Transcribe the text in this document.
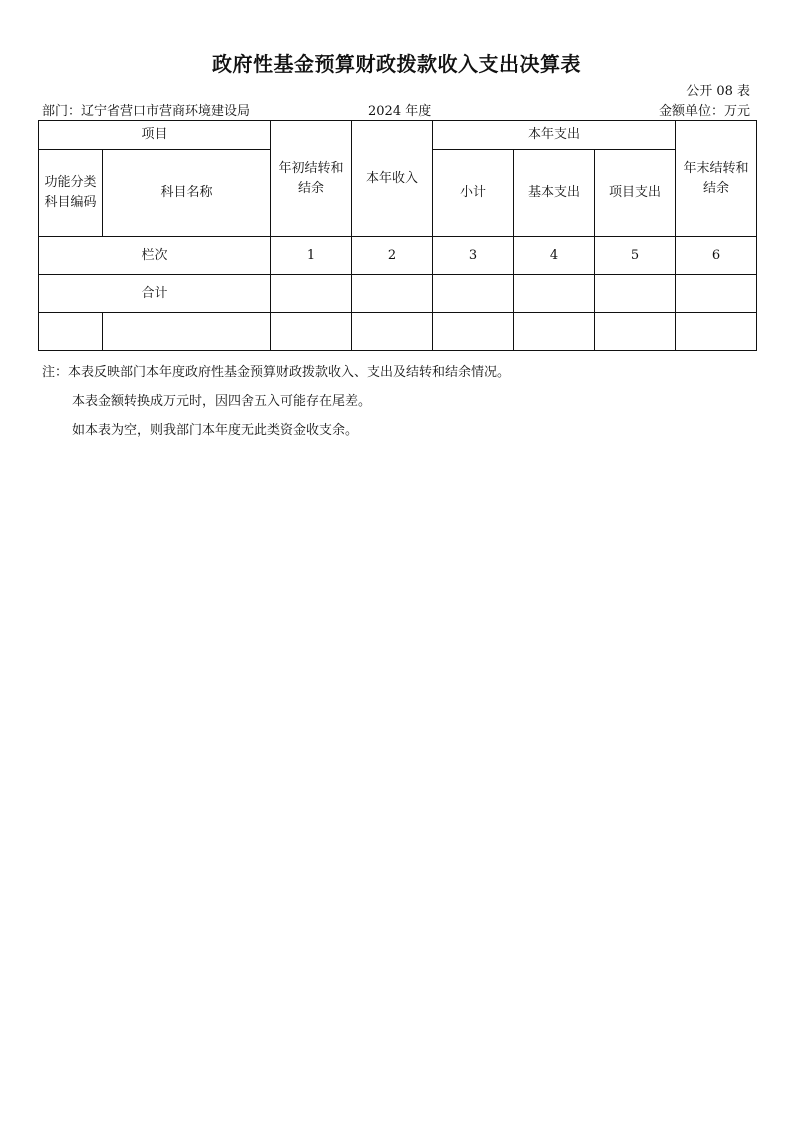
政府性基金预算财政拨款收入支出决算表
公开 08 表
部门：辽宁省营口市营商环境建设局	2024 年度	金额单位：万元
项目		年初结转和结余	本年收入	本年支出			年末结转和结余
功能分类科目编码	科目名称			小计	基本支出	项目支出	
栏次		1	2	3	4	5	6
合计							

注：本表反映部门本年度政府性基金预算财政拨款收入、支出及结转和结余情况。
本表金额转换成万元时，因四舍五入可能存在尾差。
如本表为空，则我部门本年度无此类资金收支余。
